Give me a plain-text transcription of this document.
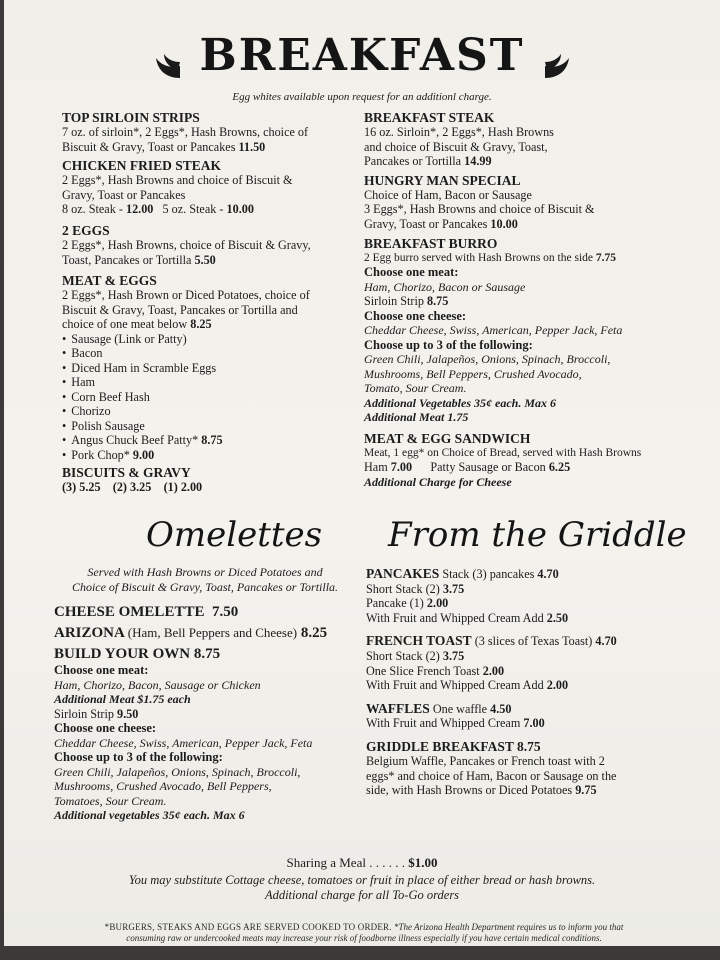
BREAKFAST
Egg whites available upon request for an additionl charge.
TOP SIRLOIN STRIPS
7 oz. of sirloin*, 2 Eggs*, Hash Browns, choice of
Biscuit & Gravy, Toast or Pancakes 11.50
CHICKEN FRIED STEAK
2 Eggs*, Hash Browns and choice of Biscuit &
Gravy, Toast or Pancakes
8 oz. Steak - 12.00 5 oz. Steak - 10.00
2 EGGS
2 Eggs*, Hash Browns, choice of Biscuit & Gravy,
Toast, Pancakes or Tortilla 5.50
MEAT & EGGS
2 Eggs*, Hash Brown or Diced Potatoes, choice of
Biscuit & Gravy, Toast, Pancakes or Tortilla and
choice of one meat below 8.25
• Sausage (Link or Patty)
• Bacon
• Diced Ham in Scramble Eggs
• Ham
• Corn Beef Hash
• Chorizo
• Polish Sausage
• Angus Chuck Beef Patty* 8.75
• Pork Chop* 9.00
BISCUITS & GRAVY
(3) 5.25 (2) 3.25 (1) 2.00
BREAKFAST STEAK
16 oz. Sirloin*, 2 Eggs*, Hash Browns
and choice of Biscuit & Gravy, Toast,
Pancakes or Tortilla 14.99
HUNGRY MAN SPECIAL
Choice of Ham, Bacon or Sausage
3 Eggs*, Hash Browns and choice of Biscuit &
Gravy, Toast or Pancakes 10.00
BREAKFAST BURRO
2 Egg burro served with Hash Browns on the side 7.75
Choose one meat:
Ham, Chorizo, Bacon or Sausage
Sirloin Strip 8.75
Choose one cheese:
Cheddar Cheese, Swiss, American, Pepper Jack, Feta
Choose up to 3 of the following:
Green Chili, Jalapeños, Onions, Spinach, Broccoli,
Mushrooms, Bell Peppers, Crushed Avocado,
Tomato, Sour Cream.
Additional Vegetables 35¢ each. Max 6
Additional Meat 1.75
MEAT & EGG SANDWICH
Meat, 1 egg* on Choice of Bread, served with Hash Browns
Ham 7.00 Patty Sausage or Bacon 6.25
Additional Charge for Cheese
Omelettes
Served with Hash Browns or Diced Potatoes and
Choice of Biscuit & Gravy, Toast, Pancakes or Tortilla.
CHEESE OMELETTE 7.50
ARIZONA (Ham, Bell Peppers and Cheese) 8.25
BUILD YOUR OWN 8.75
Choose one meat:
Ham, Chorizo, Bacon, Sausage or Chicken
Additional Meat $1.75 each
Sirloin Strip 9.50
Choose one cheese:
Cheddar Cheese, Swiss, American, Pepper Jack, Feta
Choose up to 3 of the following:
Green Chili, Jalapeños, Onions, Spinach, Broccoli,
Mushrooms, Crushed Avocado, Bell Peppers,
Tomatoes, Sour Cream.
Additional vegetables 35¢ each. Max 6
From the Griddle
PANCAKES Stack (3) pancakes 4.70
Short Stack (2) 3.75
Pancake (1) 2.00
With Fruit and Whipped Cream Add 2.50
FRENCH TOAST (3 slices of Texas Toast) 4.70
Short Stack (2) 3.75
One Slice French Toast 2.00
With Fruit and Whipped Cream Add 2.00
WAFFLES One waffle 4.50
With Fruit and Whipped Cream 7.00
GRIDDLE BREAKFAST 8.75
Belgium Waffle, Pancakes or French toast with 2
eggs* and choice of Ham, Bacon or Sausage on the
side, with Hash Browns or Diced Potatoes 9.75
Sharing a Meal . . . . . . $1.00
You may substitute Cottage cheese, tomatoes or fruit in place of either bread or hash browns.
Additional charge for all To-Go orders
*BURGERS, STEAKS AND EGGS ARE SERVED COOKED TO ORDER. *The Arizona Health Department requires us to inform you that
consuming raw or undercooked meats may increase your risk of foodborne illness especially if you have certain medical conditions.
